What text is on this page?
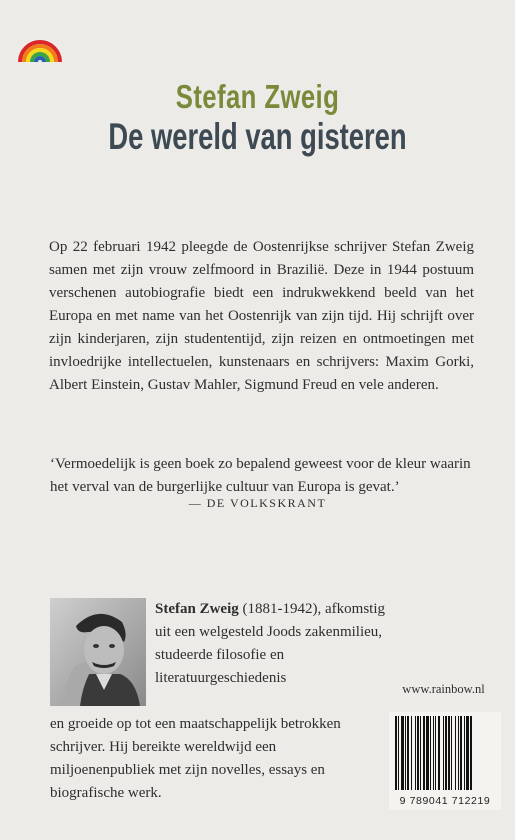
Stefan Zweig
De wereld van gisteren

Op 22 februari 1942 pleegde de Oostenrijkse schrijver Stefan Zweig samen met zijn vrouw zelfmoord in Brazilië. Deze in 1944 postuum verschenen autobiografie biedt een indrukwekkend beeld van het Europa en met name van het Oostenrijk van zijn tijd. Hij schrijft over zijn kinderjaren, zijn studententijd, zijn reizen en ontmoetingen met invloedrijke intellectuelen, kunstenaars en schrijvers: Maxim Gorki, Albert Einstein, Gustav Mahler, Sigmund Freud en vele anderen.

‘Vermoedelijk is geen boek zo bepalend geweest voor de kleur waarin het verval van de burgerlijke cultuur van Europa is gevat.’

— DE VOLKSKRANT

Stefan Zweig (1881-1942), afkomstig uit een welgesteld Joods zakenmilieu, studeerde filosofie en literatuurgeschiedenis

en groeide op tot een maatschappelijk betrokken schrijver. Hij bereikte wereldwijd een miljoenenpubliek met zijn novelles, essays en biografische werk.

www.rainbow.nl
9 789041 712219
